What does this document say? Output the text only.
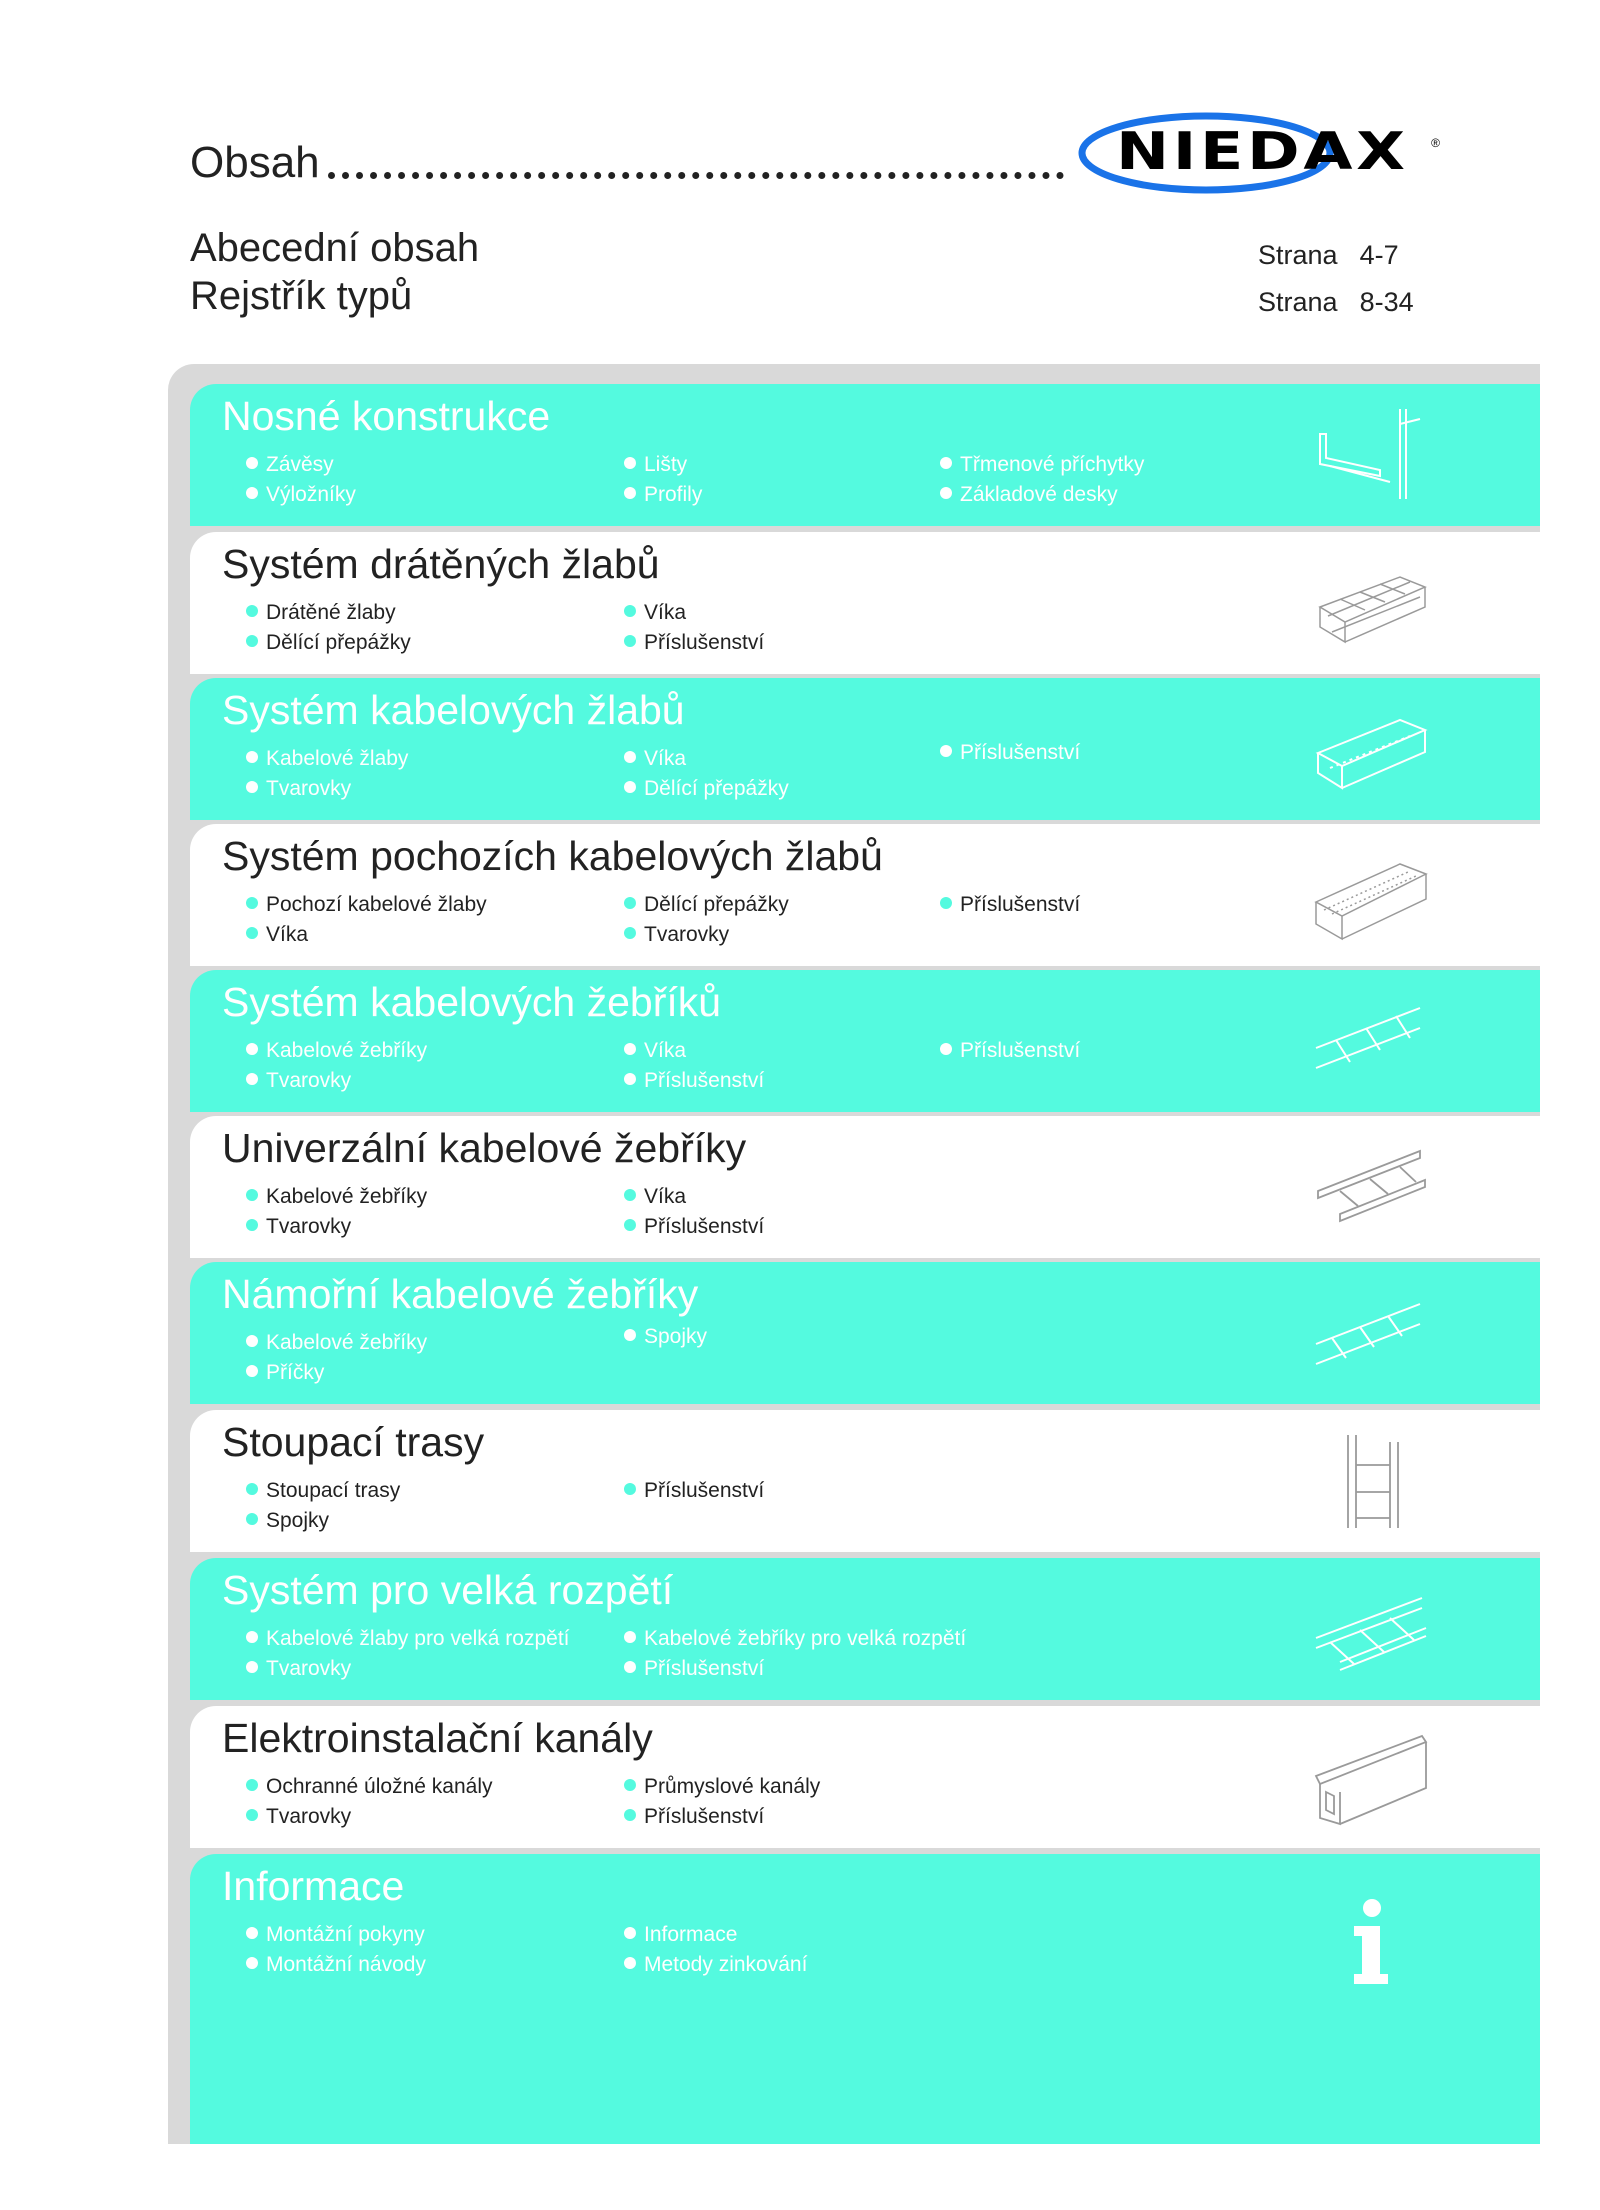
Obsah	NIEDAX ®
Abecední obsah
Rejstřík typů
Strana 4-7
Strana 8-34
Nosné konstrukce
Závěsy
Výložníky
Lišty
Profily
Třmenové příchytky
Základové desky
Systém drátěných žlabů
Drátěné žlaby
Dělící přepážky
Víka
Příslušenství
Systém kabelových žlabů
Kabelové žlaby
Tvarovky
Víka
Dělící přepážky
Příslušenství
Systém pochozích kabelových žlabů
Pochozí kabelové žlaby
Víka
Dělící přepážky
Tvarovky
Příslušenství
Systém kabelových žebříků
Kabelové žebříky
Tvarovky
Víka
Příslušenství
Příslušenství
Univerzální kabelové žebříky
Kabelové žebříky
Tvarovky
Víka
Příslušenství
Námořní kabelové žebříky
Kabelové žebříky
Příčky
Spojky
Stoupací trasy
Stoupací trasy
Spojky
Příslušenství
Systém pro velká rozpětí
Kabelové žlaby pro velká rozpětí
Tvarovky
Kabelové žebříky pro velká rozpětí
Příslušenství
Elektroinstalační kanály
Ochranné úložné kanály
Tvarovky
Průmyslové kanály
Příslušenství
Informace
Montážní pokyny
Montážní návody
Informace
Metody zinkování
